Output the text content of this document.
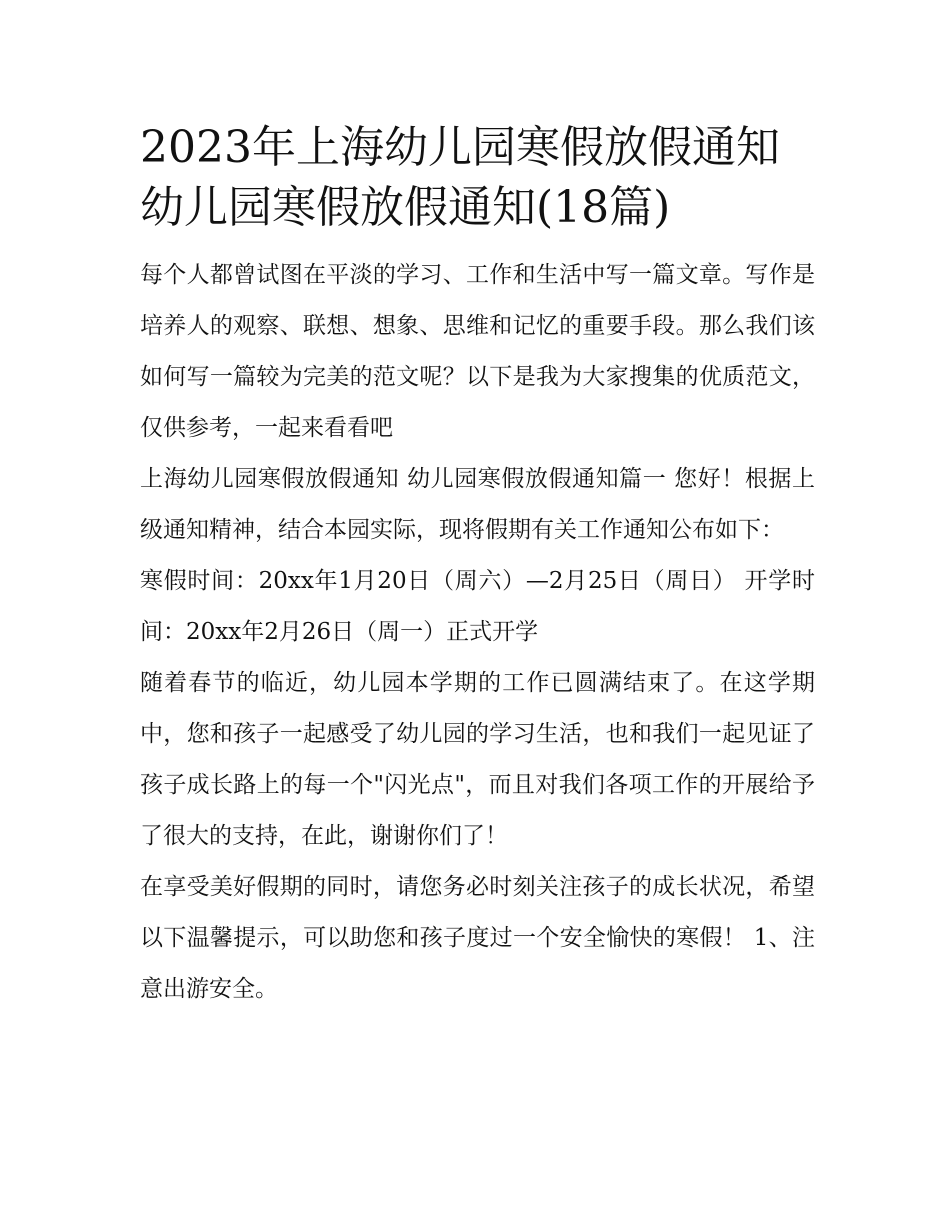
2023年上海幼儿园寒假放假通知 幼儿园寒假放假通知(18篇)

每个人都曾试图在平淡的学习、工作和生活中写一篇文章。写作是培养人的观察、联想、想象、思维和记忆的重要手段。那么我们该如何写一篇较为完美的范文呢？以下是我为大家搜集的优质范文，仅供参考，一起来看看吧

上海幼儿园寒假放假通知 幼儿园寒假放假通知篇一 您好！根据上级通知精神，结合本园实际，现将假期有关工作通知公布如下：

寒假时间：20xx年1月20日（周六）—2月25日（周日） 开学时间：20xx年2月26日（周一）正式开学

随着春节的临近，幼儿园本学期的工作已圆满结束了。在这学期中，您和孩子一起感受了幼儿园的学习生活，也和我们一起见证了孩子成长路上的每一个"闪光点"，而且对我们各项工作的开展给予了很大的支持，在此，谢谢你们了！

在享受美好假期的同时，请您务必时刻关注孩子的成长状况，希望以下温馨提示，可以助您和孩子度过一个安全愉快的寒假！ 1、注意出游安全。
